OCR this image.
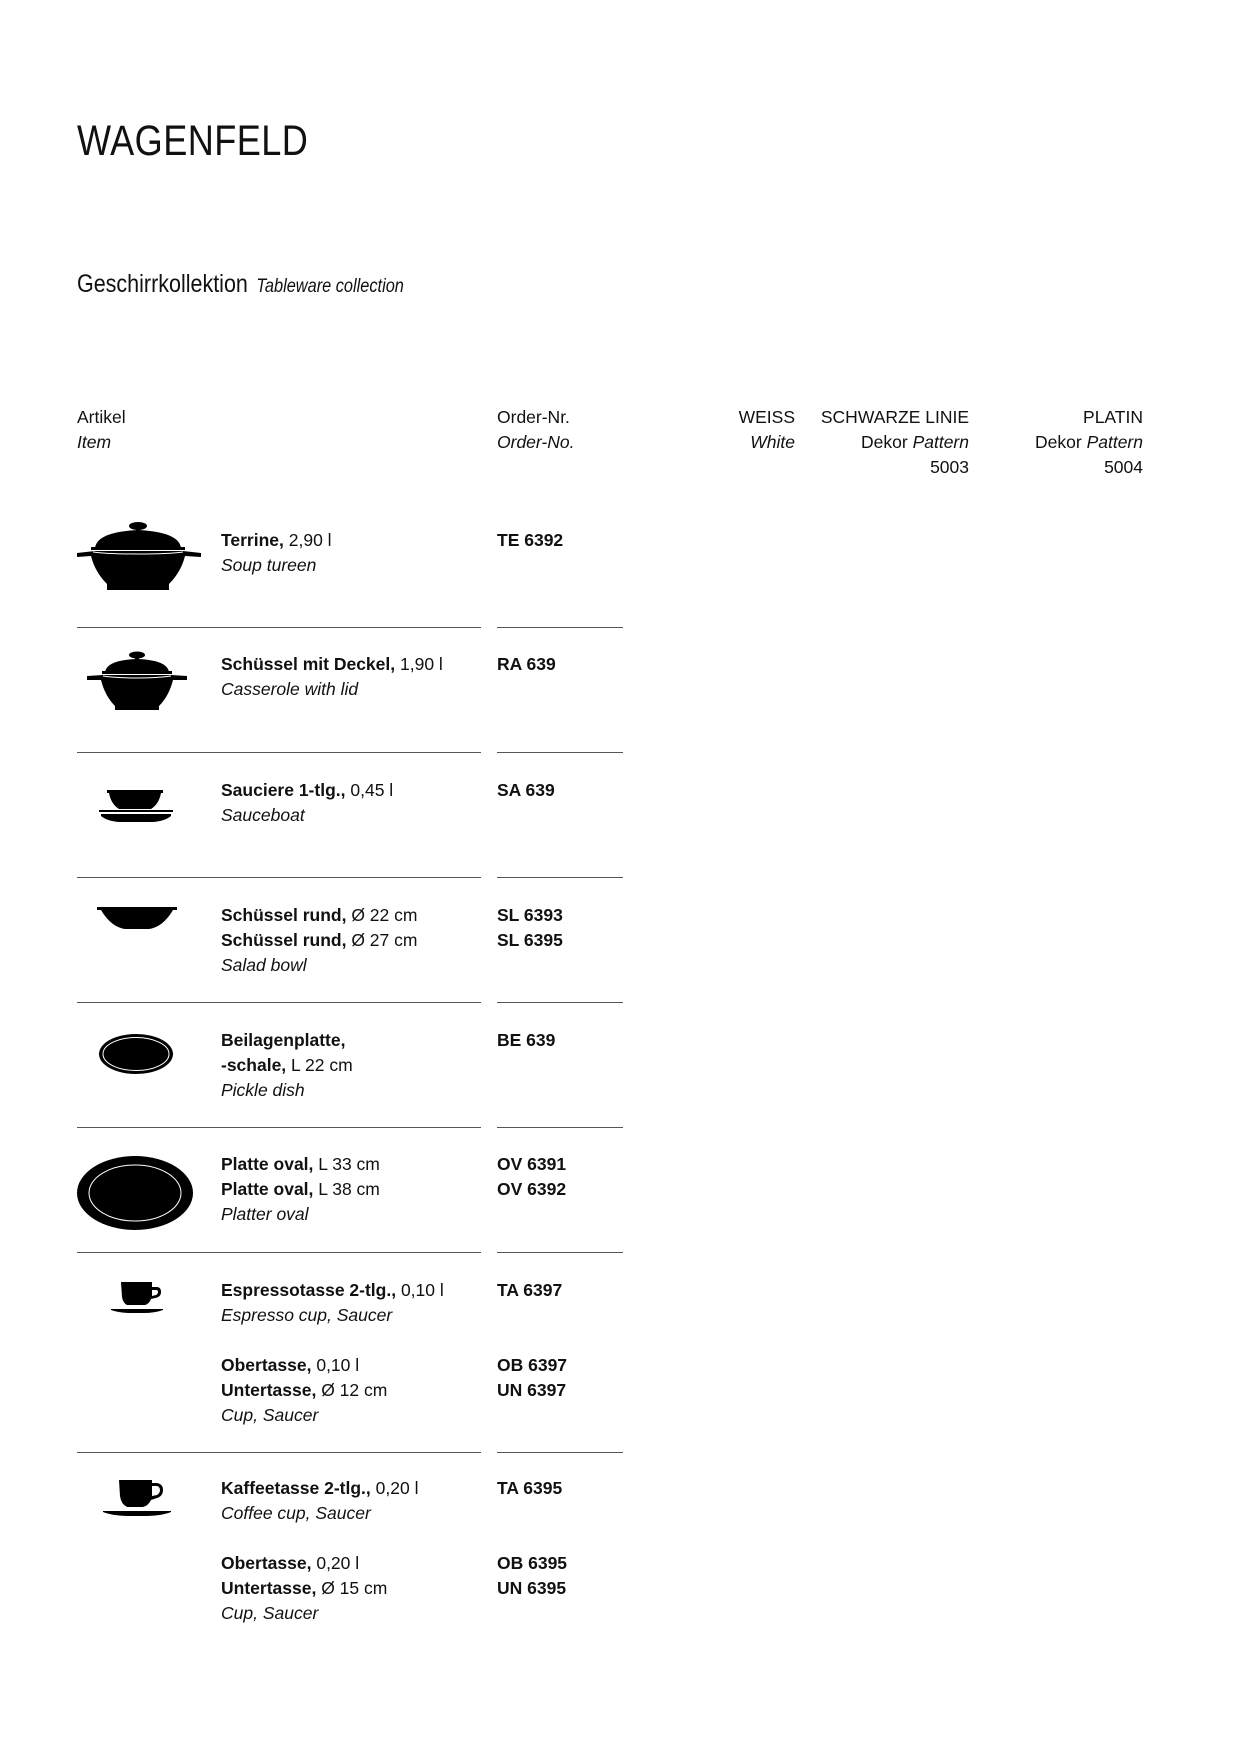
WAGENFELD
Geschirrkollektion Tableware collection
Artikel
Item
Order-Nr.
Order-No.
WEISS
White
SCHWARZE LINIE
Dekor Pattern
5003
PLATIN
Dekor Pattern
5004
Terrine, 2,90 l
Soup tureen
TE 6392
Schüssel mit Deckel, 1,90 l
Casserole with lid
RA 639
Sauciere 1-tlg., 0,45 l
Sauceboat
SA 639
Schüssel rund, Ø 22 cm
Schüssel rund, Ø 27 cm
Salad bowl
SL 6393
SL 6395
Beilagenplatte,
-schale, L 22 cm
Pickle dish
BE 639
Platte oval, L 33 cm
Platte oval, L 38 cm
Platter oval
OV 6391
OV 6392
Espressotasse 2-tlg., 0,10 l
Espresso cup, Saucer
Obertasse, 0,10 l
Untertasse, Ø 12 cm
Cup, Saucer
TA 6397

OB 6397
UN 6397
Kaffeetasse 2-tlg., 0,20 l
Coffee cup, Saucer
Obertasse, 0,20 l
Untertasse, Ø 15 cm
Cup, Saucer
TA 6395

OB 6395
UN 6395
